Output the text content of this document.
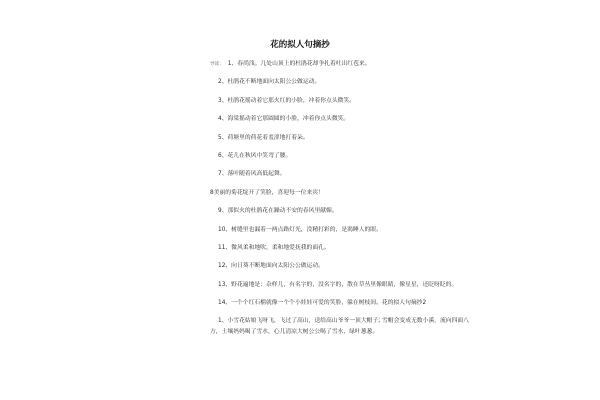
花的拟人句摘抄

导读： 1、春尚浅。几处山顶上的杜鹃花却争扎着吐出红苞来。

2、杜鹃花不断地面向太阳公公做运动。

3、杜鹃花摇动着它那火红的小脸，冲着你点头微笑。

4、海棠摇动着它那圆圆的小脸，冲着你点头微笑。

5、荷塘里的荷花着羞涩地打着朵。

6、花儿在秋风中笑弯了腰。

7、落叶随着风高低起舞。

8美丽的菊花绽开了笑脸，喜迎每一位来宾！

9、那似火的杜鹃花在躁动不安的春风里献媚。

10、树缝里也漏着一两点路灯光，没精打彩的，是渴睡人的眼。

11、微风柔和地吹，柔和地爱抚我的面孔。

12、向日葵不断地面向太阳公公做运动。

13、野花遍地是：杂样儿，有名字的，没名字的，散在草丛里像眼睛，像星星，还眨呀眨的。

14、一个个红石榴就像一个个小娃娃可爱的笑脸，躲在树枝间。花的拟人句摘抄2

1、小雪花姑娘飞呀飞，飞过了高山，送给高山爷爷一顶大帽子; 雪帽会变成无数小溪，流向四面八方，土壤妈妈喝了雪水，心儿清凉大树公公喝了雪水，绿叶葱葱。
